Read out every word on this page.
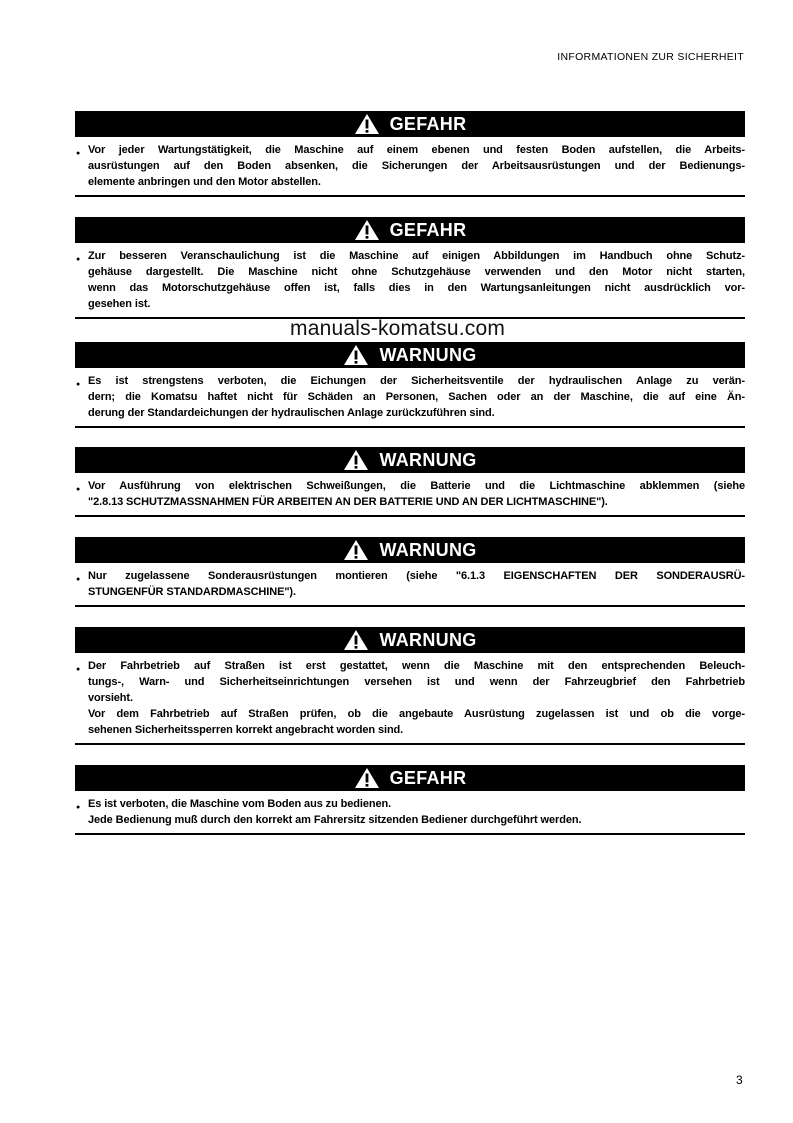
INFORMATIONEN ZUR SICHERHEIT
GEFAHR
● Vor jeder Wartungstätigkeit, die Maschine auf einem ebenen und festen Boden aufstellen, die Arbeits-
ausrüstungen auf den Boden absenken, die Sicherungen der Arbeitsausrüstungen und der Bedienungs-
elemente anbringen und den Motor abstellen.
GEFAHR
● Zur besseren Veranschaulichung ist die Maschine auf einigen Abbildungen im Handbuch ohne Schutz-
gehäuse dargestellt. Die Maschine nicht ohne Schutzgehäuse verwenden und den Motor nicht starten,
wenn das Motorschutzgehäuse offen ist, falls dies in den Wartungsanleitungen nicht ausdrücklich vor-
gesehen ist.
WARNUNG
● Es ist strengstens verboten, die Eichungen der Sicherheitsventile der hydraulischen Anlage zu verän-
dern; die Komatsu haftet nicht für Schäden an Personen, Sachen oder an der Maschine, die auf eine Än-
derung der Standardeichungen der hydraulischen Anlage zurückzuführen sind.
WARNUNG
● Vor Ausführung von elektrischen Schweißungen, die Batterie und die Lichtmaschine abklemmen (siehe
"2.8.13 SCHUTZMASSNAHMEN FÜR ARBEITEN AN DER BATTERIE UND AN DER LICHTMASCHINE").
WARNUNG
● Nur zugelassene Sonderausrüstungen montieren (siehe "6.1.3 EIGENSCHAFTEN DER SONDERAUSRÜ-
STUNGENFÜR STANDARDMASCHINE").
WARNUNG
● Der Fahrbetrieb auf Straßen ist erst gestattet, wenn die Maschine mit den entsprechenden Beleuch-
tungs-, Warn- und Sicherheitseinrichtungen versehen ist und wenn der Fahrzeugbrief den Fahrbetrieb
vorsieht.
Vor dem Fahrbetrieb auf Straßen prüfen, ob die angebaute Ausrüstung zugelassen ist und ob die vorge-
sehenen Sicherheitssperren korrekt angebracht worden sind.
GEFAHR
● Es ist verboten, die Maschine vom Boden aus zu bedienen.
Jede Bedienung muß durch den korrekt am Fahrersitz sitzenden Bediener durchgeführt werden.
manuals-komatsu.com
3
